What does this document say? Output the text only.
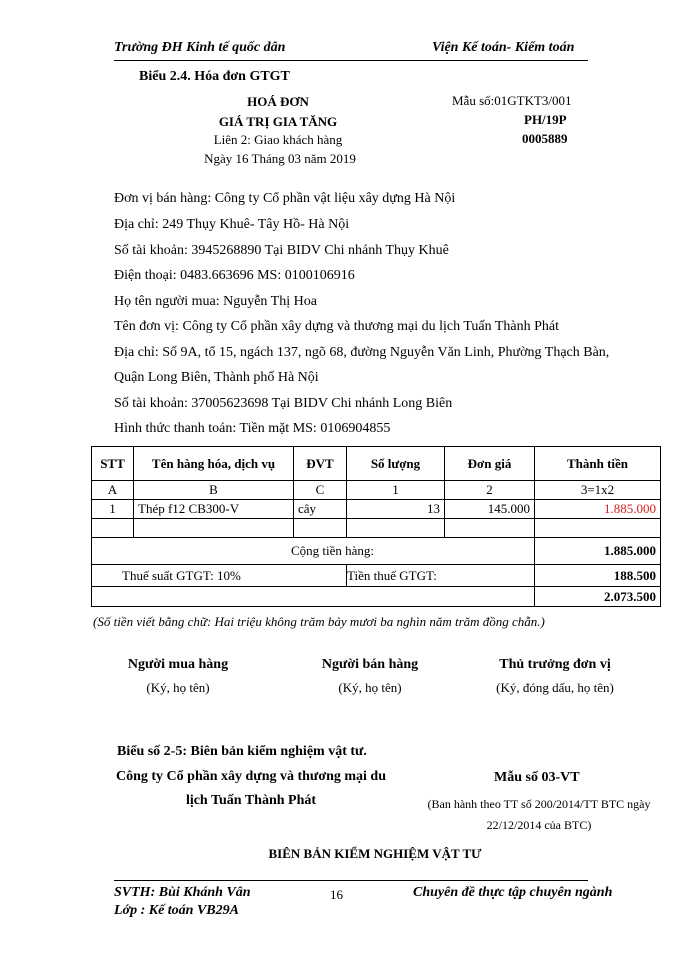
Trường ĐH Kinh tế quốc dân	Viện Kế toán- Kiểm toán
Biểu 2.4. Hóa đơn GTGT
HOÁ ĐƠN
GIÁ TRỊ GIA TĂNG
Liên 2: Giao khách hàng
Ngày 16 Tháng 03 năm 2019
Mẫu số:01GTKT3/001
PH/19P
0005889
Đơn vị bán hàng: Công ty Cổ phần vật liệu xây dựng Hà Nội
Địa chỉ: 249 Thụy Khuê- Tây Hồ- Hà Nội
Số tài khoản: 3945268890 Tại BIDV Chi nhánh Thụy Khuê
Điện thoại: 0483.663696 MS: 0100106916
Họ tên người mua: Nguyễn Thị Hoa
Tên đơn vị: Công ty Cổ phần xây dựng và thương mại du lịch Tuấn Thành Phát
Địa chỉ: Số 9A, tổ 15, ngách 137, ngõ 68, đường Nguyễn Văn Linh, Phường Thạch Bàn,
Quận Long Biên, Thành phố Hà Nội
Số tài khoản: 37005623698 Tại BIDV Chi nhánh Long Biên
Hình thức thanh toán: Tiền mặt MS: 0106904855
STT	Tên hàng hóa, dịch vụ	ĐVT	Số lượng	Đơn giá	Thành tiền
A	B	C	1	2	3=1x2
1	Thép f12 CB300-V	cây	13	145.000	1.885.000

Cộng tiền hàng:					1.885.000
Thuế suất GTGT: 10%			Tiền thuế GTGT:		188.500
					2.073.500
(Số tiền viết bằng chữ: Hai triệu không trăm bảy mươi ba nghìn năm trăm đồng chẵn.)
Người mua hàng
(Ký, họ tên)
Người bán hàng
(Ký, họ tên)
Thủ trưởng đơn vị
(Ký, đóng dấu, họ tên)
Biểu số 2-5: Biên bản kiểm nghiệm vật tư.
Công ty Cổ phần xây dựng và thương mại du
lịch Tuấn Thành Phát
Mẫu số 03-VT
(Ban hành theo TT số 200/2014/TT BTC ngày
22/12/2014 của BTC)
BIÊN BẢN KIỂM NGHIỆM VẬT TƯ
SVTH: Bùi Khánh Vân
Lớp : Kế toán VB29A
16	Chuyên đề thực tập chuyên ngành
